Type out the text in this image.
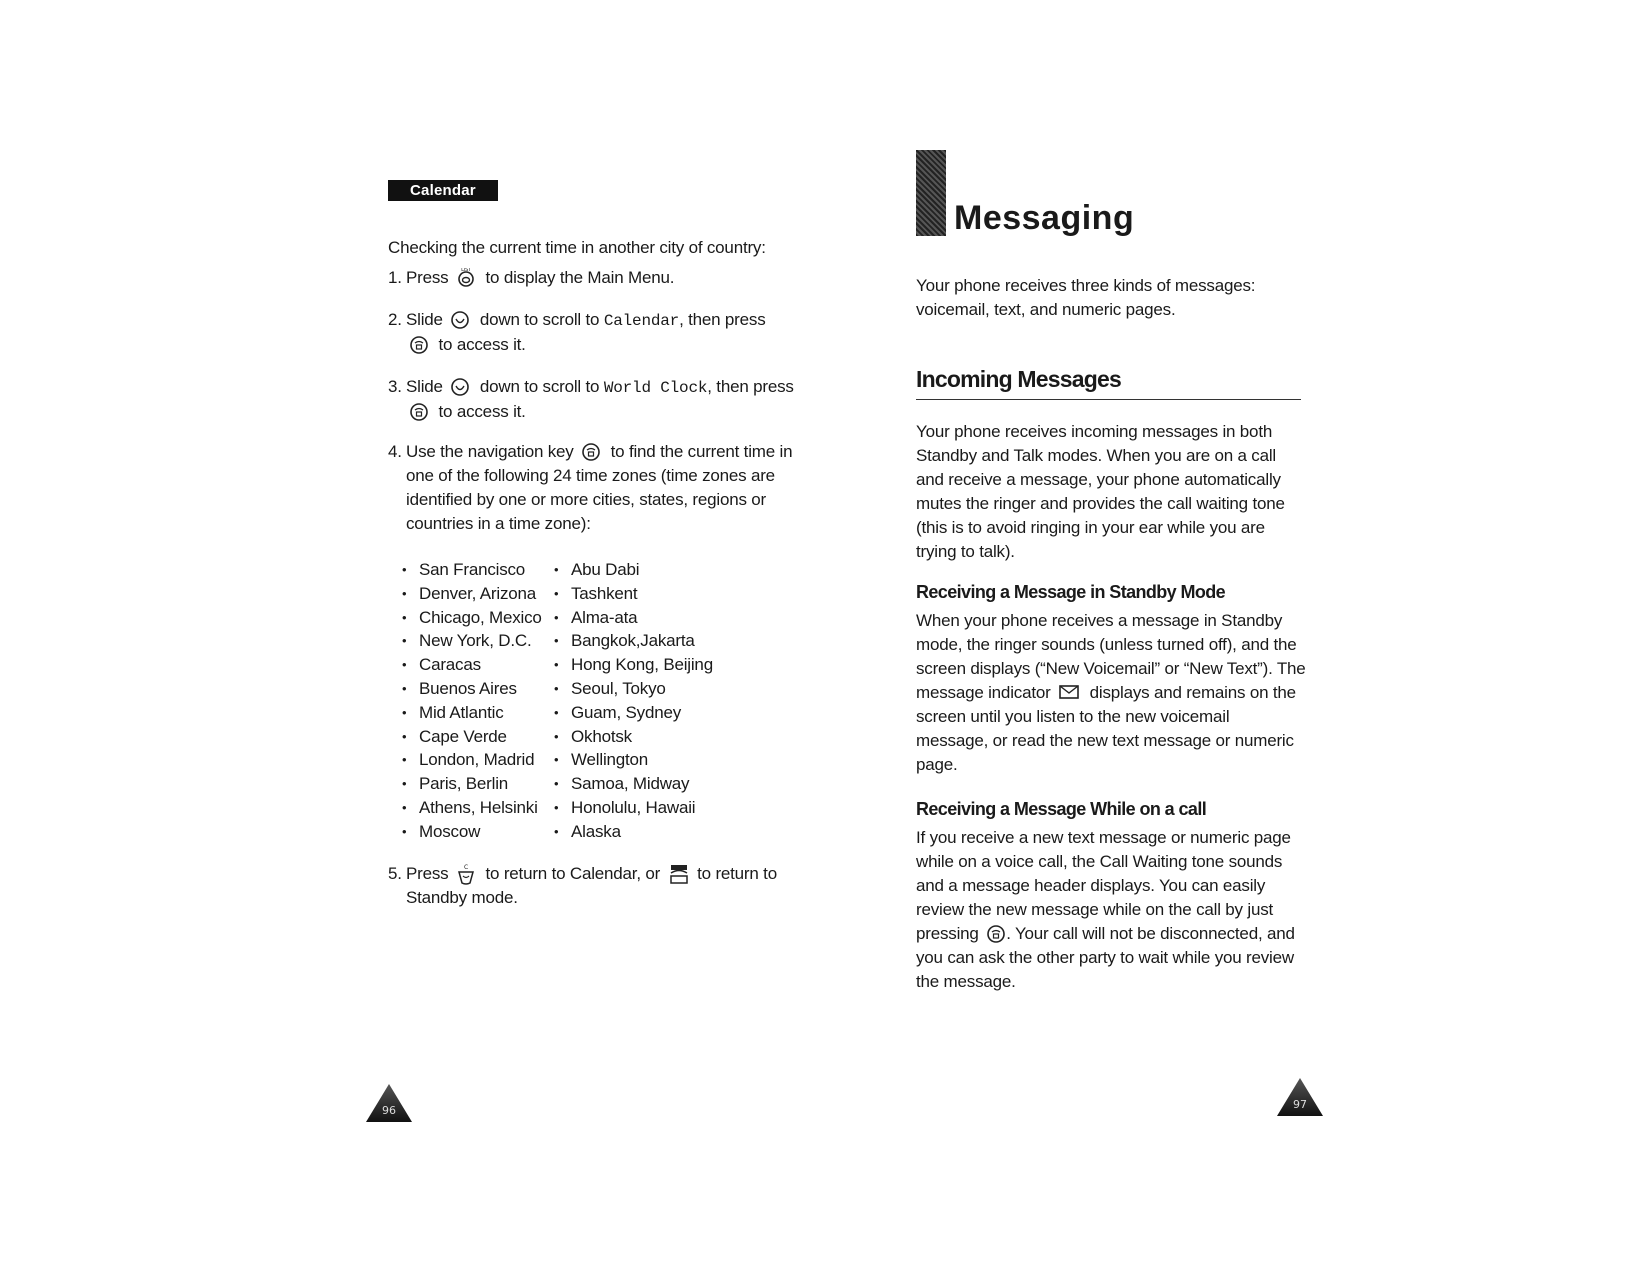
Calendar
Checking the current time in another city of country:
1. Press	LIST to display the Main Menu.
2. Slide down to scroll to Calendar, then press
to access it.
3. Slide down to scroll to World Clock, then press
to access it.
4. Use the navigation key to find the current time in one of the following 24 time zones (time zones are identified by one or more cities, states, regions or countries in a time zone):
• San Francisco
• Denver, Arizona
• Chicago, Mexico
• New York, D.C.
• Caracas
• Buenos Aires
• Mid Atlantic
• Cape Verde
• London, Madrid
• Paris, Berlin
• Athens, Helsinki
• Moscow
• Abu Dabi
• Tashkent
• Alma-ata
• Bangkok,Jakarta
• Hong Kong, Beijing
• Seoul, Tokyo
• Guam, Sydney
• Okhotsk
• Wellington
• Samoa, Midway
• Honolulu, Hawaii
• Alaska
5. Press	C to return to Calendar, or to return to Standby mode.
96
Messaging
Your phone receives three kinds of messages: voicemail, text, and numeric pages.
Incoming Messages
Your phone receives incoming messages in both Standby and Talk modes. When you are on a call and receive a message, your phone automatically mutes the ringer and provides the call waiting tone (this is to avoid ringing in your ear while you are trying to talk).
Receiving a Message in Standby Mode
When your phone receives a message in Standby mode, the ringer sounds (unless turned off), and the screen displays (“New Voicemail” or “New Text”). The message indicator displays and remains on the screen until you listen to the new voicemail message, or read the new text message or numeric page.
Receiving a Message While on a call
If you receive a new text message or numeric page while on a voice call, the Call Waiting tone sounds and a message header displays. You can easily review the new message while on the call by just pressing . Your call will not be disconnected, and you can ask the other party to wait while you review the message.
97
